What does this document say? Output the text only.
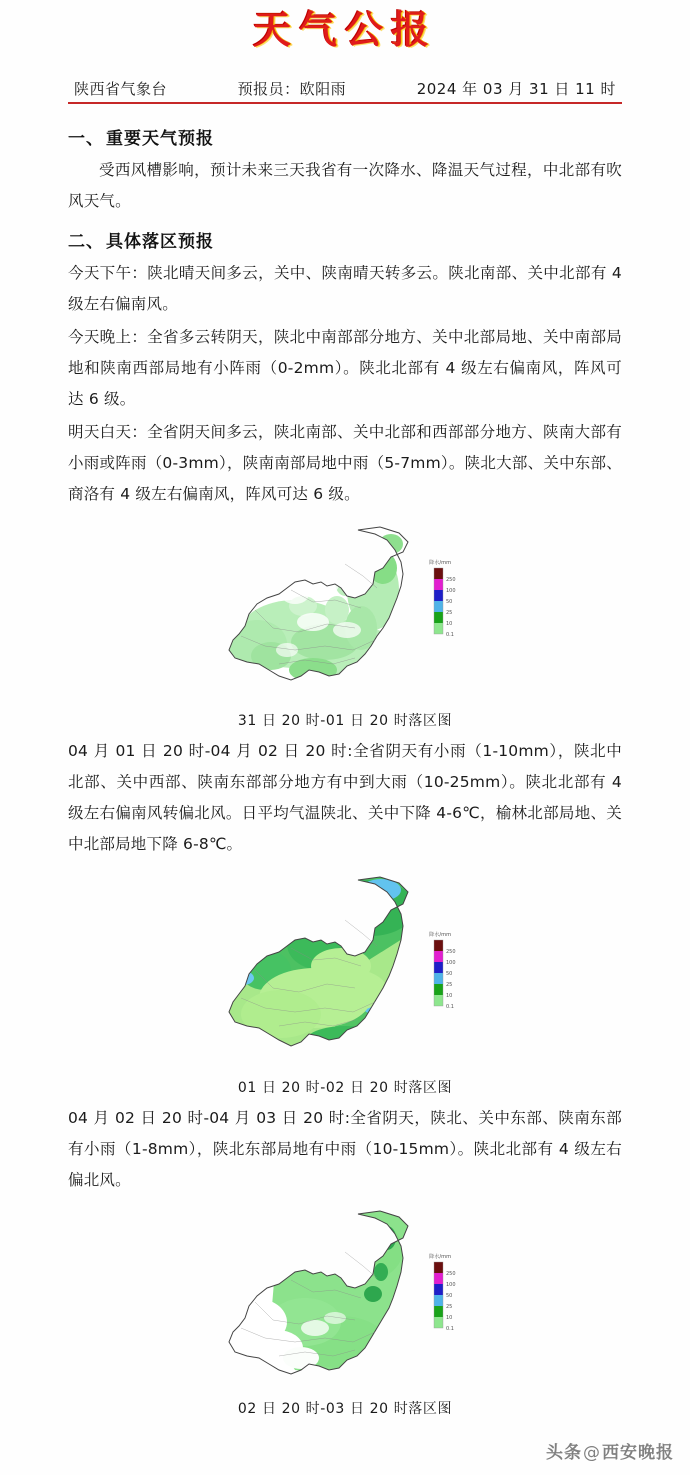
天气公报
陕西省气象台	预报员：欧阳雨	2024 年 03 月 31 日 11 时
一、 重要天气预报

受西风槽影响，预计未来三天我省有一次降水、降温天气过程，中北部有吹风天气。

二、 具体落区预报

今天下午：陕北晴天间多云，关中、陕南晴天转多云。陕北南部、关中北部有 4 级左右偏南风。

今天晚上：全省多云转阴天，陕北中南部部分地方、关中北部局地、关中南部局地和陕南西部局地有小阵雨（0-2mm）。陕北北部有 4 级左右偏南风，阵风可达 6 级。

明天白天：全省阴天间多云，陕北南部、关中北部和西部部分地方、陕南大部有小雨或阵雨（0-3mm），陕南南部局地中雨（5-7mm）。陕北大部、关中东部、商洛有 4 级左右偏南风，阵风可达 6 级。

降水/mm
250
100
50
25
10
0.1
31 日 20 时-01 日 20 时落区图

04 月 01 日 20 时-04 月 02 日 20 时:全省阴天有小雨（1-10mm），陕北中北部、关中西部、陕南东部部分地方有中到大雨（10-25mm）。陕北北部有 4 级左右偏南风转偏北风。日平均气温陕北、关中下降 4-6℃，榆林北部局地、关中北部局地下降 6-8℃。

降水/mm
250
100
50
25
10
0.1
01 日 20 时-02 日 20 时落区图

04 月 02 日 20 时-04 月 03 日 20 时:全省阴天，陕北、关中东部、陕南东部有小雨（1-8mm），陕北东部局地有中雨（10-15mm）。陕北北部有 4 级左右偏北风。

降水/mm
250
100
50
25
10
0.1
02 日 20 时-03 日 20 时落区图
头条@西安晚报
